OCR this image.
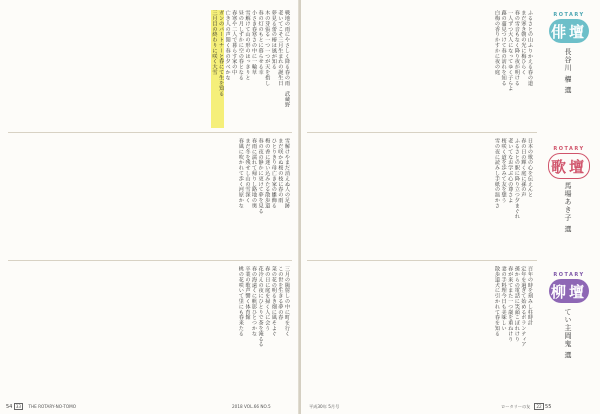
戦地の雨にやさしく降る春の雨　武蔵野
老いてこそ三月生まれの誕生日
夢見る蕾の椿は風が知る
木の芽張る一つ一つが天を指し
春の灯のもとに暮らせる幸
小さき春寒さの中に一輪草
雪解けて山の形のはっきりと
昼の月しずかに空の春となる
春寒や二人で暮らす家の中
亡き人の声聞く春の夕べかな
ガンのパートナーと春にて生を知る
三月目の終わりに咲く大雪
雪解けやまだ消えぬ人の足跡
まだ咲かぬ桜の枝に春の雨
ひとりきり母亡き家の雛飾る
梅の香に迷い込みたる散歩道
春の夜の静かに更けて夢を見る
春雨に濡れて帰りし路地の奥
まだ冬を残せし山の雪深く
春風に吹かれて歩く河原かな
三月の陽射しの中に町を行く
この世を生きる夢の春
菜の花の明るき畑に風そよぐ
春の日に庭を掃く人に会う
花冷えの夜にひとりで茶を淹るる
春の海遠くに帆影ひとつかな
卒業の歌声響く体育館
桃の花咲いて里にも春来たる
54 33 THE ROTARY-NO-TOMO	2018 VOL.66 NO.5
ふるさとの山ふりかえる春の道
まだ寒き朝の光に梅ひらく
春の雪音もなく降り夜が明ける
一人ずつ大人になってゆく子らよ
蕗の薹見つけて春の訪れを知る
白梅の香りかすかに夜の庭
日本の歌の心を伝えんと
春の日の輝く庭に孫の声
ふるさとの駅に降り立つ夕まぐれ
老いてなお学ぶ心の尊さよ
桜咲く道を歩みて友を想う
雪の夜に読みし手紙の温かさ
百年の時を刻みし柱時計
定年を過ぎて始めるボランティア
孫からの電話に笑顔こぼれけり
春が来てまた一つ歳を重ねけり
妻の手料理今日も美味しい
散歩道犬に引かれて春を知る
ROTARY
俳壇
長谷川 櫂 選
ROTARY
歌壇
馬場あき子 選
ROTARY
柳壇
てい主岡鬼 選
平成30年 5月号	ロータリーの友 22 55
